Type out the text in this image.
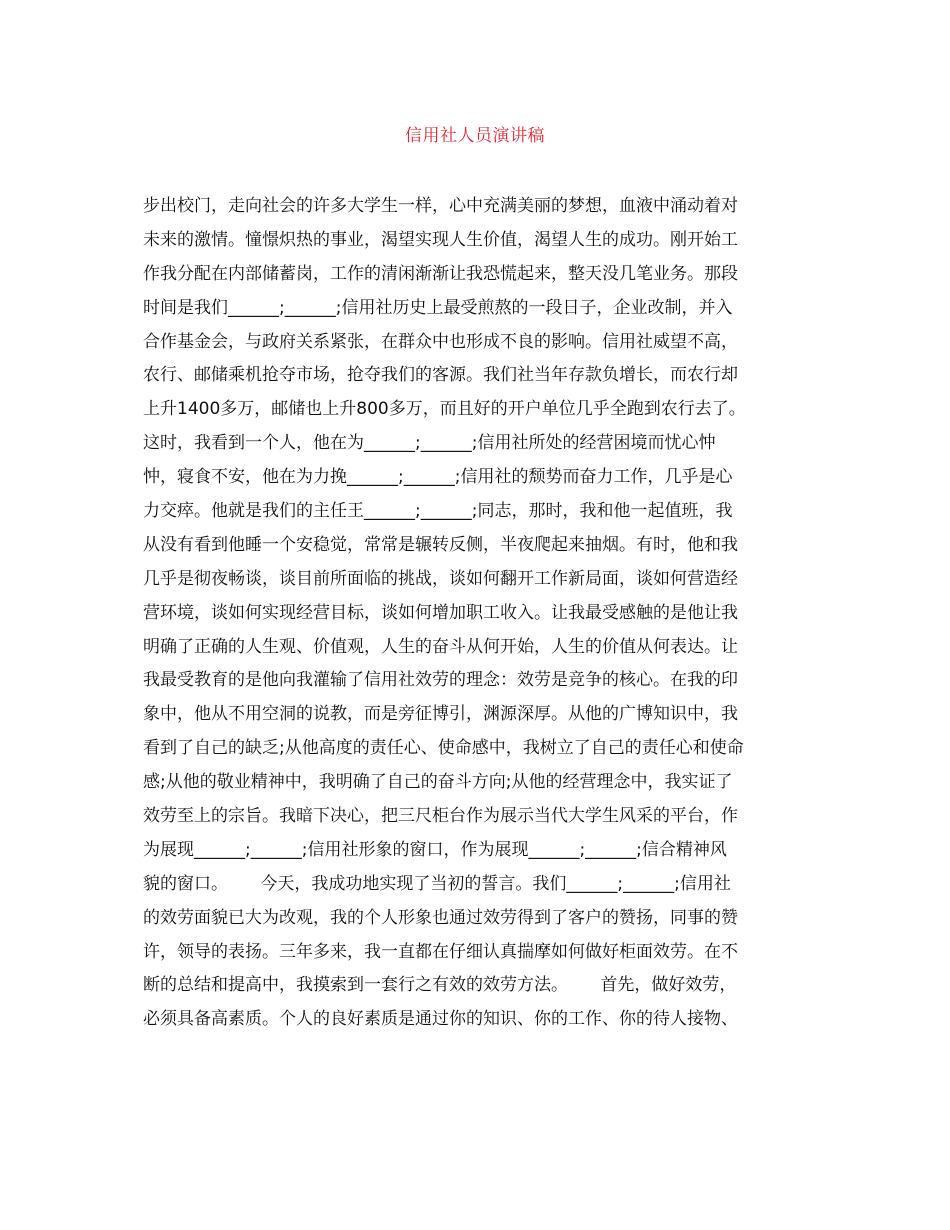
信用社人员演讲稿
步出校门，走向社会的许多大学生一样，心中充满美丽的梦想，血液中涌动着对
未来的激情。憧憬炽热的事业，渴望实现人生价值，渴望人生的成功。刚开始工
作我分配在内部储蓄岗，工作的清闲渐渐让我恐慌起来，整天没几笔业务。那段
时间是我们______;______;信用社历史上最受煎熬的一段日子，企业改制，并入
合作基金会，与政府关系紧张，在群众中也形成不良的影响。信用社威望不高，
农行、邮储乘机抢夺市场，抢夺我们的客源。我们社当年存款负增长，而农行却
上升1400多万，邮储也上升800多万，而且好的开户单位几乎全跑到农行去了。
这时，我看到一个人，他在为______;______;信用社所处的经营困境而忧心忡
忡，寝食不安，他在为力挽______;______;信用社的颓势而奋力工作，几乎是心
力交瘁。他就是我们的主任王______;______;同志，那时，我和他一起值班，我
从没有看到他睡一个安稳觉，常常是辗转反侧，半夜爬起来抽烟。有时，他和我
几乎是彻夜畅谈，谈目前所面临的挑战，谈如何翻开工作新局面，谈如何营造经
营环境，谈如何实现经营目标，谈如何增加职工收入。让我最受感触的是他让我
明确了正确的人生观、价值观，人生的奋斗从何开始，人生的价值从何表达。让
我最受教育的是他向我灌输了信用社效劳的理念：效劳是竞争的核心。在我的印
象中，他从不用空洞的说教，而是旁征博引，渊源深厚。从他的广博知识中，我
看到了自己的缺乏;从他高度的责任心、使命感中，我树立了自己的责任心和使命
感;从他的敬业精神中，我明确了自己的奋斗方向;从他的经营理念中，我实证了
效劳至上的宗旨。我暗下决心，把三尺柜台作为展示当代大学生风采的平台，作
为展现______;______;信用社形象的窗口，作为展现______;______;信合精神风
貌的窗口。      今天，我成功地实现了当初的誓言。我们______;______;信用社
的效劳面貌已大为改观，我的个人形象也通过效劳得到了客户的赞扬，同事的赞
许，领导的表扬。三年多来，我一直都在仔细认真揣摩如何做好柜面效劳。在不
断的总结和提高中，我摸索到一套行之有效的效劳方法。      首先，做好效劳，
必须具备高素质。个人的良好素质是通过你的知识、你的工作、你的待人接物、
